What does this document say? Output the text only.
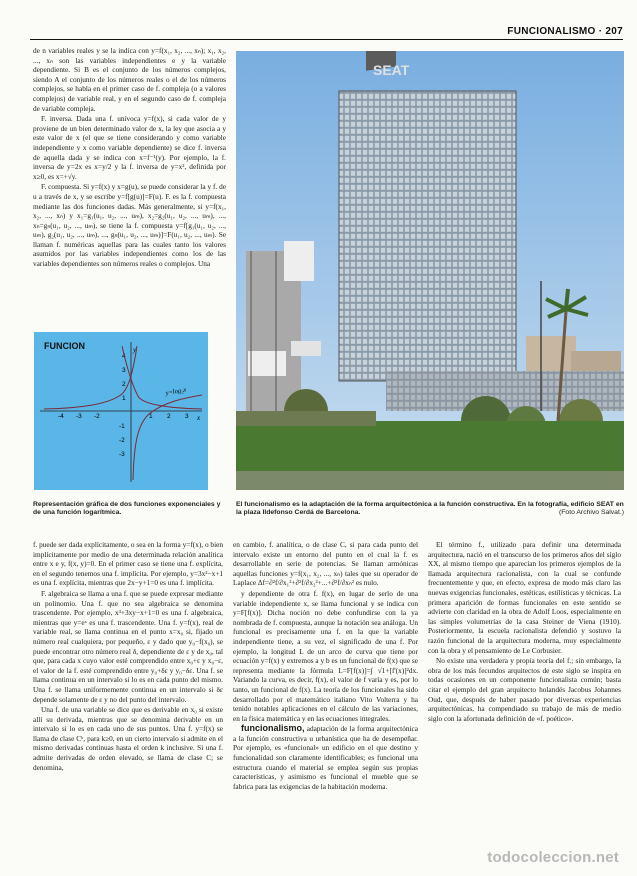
FUNCIONALISMO · 207

de n variables reales y se la indica con y=f(x₁, x₂, ..., xₙ); x₁, x₂, ..., xₙ son las variables independientes e y la variable dependiente. Si B es el conjunto de los números complejos, siendo A el conjunto de los números reales o el de los números complejos, se habla en el primer caso de f. compleja (o a valores complejos) de variable real, y en el segundo caso de f. compleja de variable compleja.

F. inversa. Dada una f. unívoca y=f(x), si cada valor de y proviene de un bien determinado valor de x, la ley que asocia a y este valor de x (el que se tiene considerando y como variable independiente y x como variable dependiente) se dice f. inversa de aquella dada y se indica con x=f⁻¹(y). Por ejemplo, la f. inversa de y=2x es x=y/2 y la f. inversa de y=x², definida por x≥0, es x=+√y.

F. compuesta. Si y=f(x) y x=g(u), se puede considerar la y f. de u a través de x, y se escribe y=f[g(u)]=F(u). F. es la f. compuesta mediante las dos funciones dadas. Más generalmente, si y=f(x₁, x₂, ..., xₙ) y x₁=g₁(u₁, u₂, ..., uₘ), x₂=g₂(u₁, u₂, ..., uₘ), ..., xₙ=gₙ(u₁, u₂, ..., uₘ), se tiene la f. compuesta y=f[g₁(u₁, u₂, ..., uₘ), g₂(u₁, u₂, ..., uₘ), ..., gₙ(u₁, u₂, ..., uₘ)]=F(u₁, u₂, ..., uₘ). Se llaman f. numéricas aquellas para las cuales tanto los valores asumidos por las variables independientes como los de las variables dependientes son números reales o complejos. Una

y
x
-4 -3 -2	1 2 3
4
3
2
1
-1
-2
-3
y=log₂x
FUNCION
SEAT
Representación gráfica de dos funciones exponenciales y de una función logarítmica.
El funcionalismo es la adaptación de la forma arquitectónica a la función constructiva. En la fotografía, edificio SEAT en la plaza Ildefonso Cerdá de Barcelona.	(Foto Archivo Salvat.)

f. puede ser dada explícitamente, o sea en la forma y=f(x), o bien implícitamente por medio de una determinada relación analítica entre x e y, f(x, y)=0. En el primer caso se tiene una f. explícita, en el segundo tenemos una f. implícita. Por ejemplo, y=3x²−x+1 es una f. explícita, mientras que 2x−y+1=0 es una f. implícita.

F. algebraica se llama a una f. que se puede expresar mediante un polinomio. Una f. que no sea algebraica se denomina trascendente. Por ejemplo, x³+3xy−x+1=0 es una f. algebraica, mientras que y=eˣ es una f. trascendente. Una f. y=f(x), real de variable real, se llama continua en el punto x=x₀ si, fijado un número real cualquiera, por pequeño, ε y dado que y₀−f(x₀), se puede encontrar otro número real δ, dependiente de ε y de x₀, tal que, para cada x cuyo valor esté comprendido entre x₀+ε y x₀−ε, el valor de la f. esté comprendido entre y₀+δε y y₀−δε. Una f. se llama continua en un intervalo si lo es en cada punto del mismo. Una f. se llama uniformemente continua en un intervalo si δε depende solamente de ε y no del punto del intervalo.

Una f. de una variable se dice que es derivable en x₀ si existe allí su derivada, mientras que se denomina derivable en un intervalo si lo es en cada uno de sus puntos. Una f. y=f(x) se llama de clase Cᵏ, para k≥0, en un cierto intervalo si admite en el mismo derivadas continuas hasta el orden k inclusive. Si una f. admite derivadas de orden elevado, se llama de clase C; se denomina,

en cambio, f. analítica, o de clase C, si para cada punto del intervalo existe un entorno del punto en el cual la f. es desarrollable en serie de potencias. Se llaman armónicas aquellas funciones y=f(x₁, x₂, ..., xₙ) tales que su operador de Laplace Δf=∂²f/∂x₁²+∂²f/∂x₂²+...+∂²f/∂xₙ² es nulo.

y dependiente de otra f. f(x), en lugar de serlo de una variable independiente x, se llama funcional y se indica con y=F[f(x)]. Dicha noción no debe confundirse con la ya nombrada de f. compuesta, aunque la notación sea análoga. Un funcional es precisamente una f. en la que la variable independiente tiene, a su vez, el significado de una f. Por ejemplo, la longitud L de un arco de curva que tiene por ecuación y=f(x) y extremos a y b es un funcional de f(x) que se representa mediante la fórmula L=F[f(x)]=∫ √1+[f'(x)]²dx. Variando la curva, es decir, f(x), el valor de f varía y es, por lo tanto, un funcional de f(x). La teoría de los funcionales ha sido desarrollado por el matemático italiano Vito Volterra y ha tenido notables aplicaciones en el cálculo de las variaciones, en la física matemática y en las ecuaciones integrales.

funcionalismo, adaptación de la forma arquitectónica a la función constructiva u urbanística que ha de desempeñar. Por ejemplo, es «funcional» un edificio en el que destino y funcionalidad son claramente identificables; es funcional una estructura cuando el material se emplea según sus propias características, y asimismo es funcional el mueble que se fabrica para las exigencias de la habitación moderna.

El término f., utilizado para definir una determinada arquitectura, nació en el transcurso de los primeros años del siglo XX, al mismo tiempo que aparecían los primeros ejemplos de la llamada arquitectura racionalista, con la cual se confunde frecuentemente y que, en efecto, expresa de modo más claro las nuevas exigencias funcionales, estéticas, estilísticas y técnicas. La primera aparición de formas funcionales en este sentido se advierte con claridad en la obra de Adolf Loos, especialmente en las simples volumetrías de la casa Steiner de Viena (1910). Posteriormente, la escuela racionalista defendió y sostuvo la razón funcional de la arquitectura moderna, muy especialmente con la obra y el pensamiento de Le Corbusier.

No existe una verdadera y propia teoría del f.; sin embargo, la obra de los más fecundos arquitectos de este siglo se inspira en todas ocasiones en un componente funcionalista común; basta citar el ejemplo del gran arquitecto holandés Jacobus Johannes Oud, que, después de haber pasado por diversas experiencias arquitectónicas, ha compendiado su trabajo de más de medio siglo con la afortunada definición de «f. poético».

todocoleccion.net
